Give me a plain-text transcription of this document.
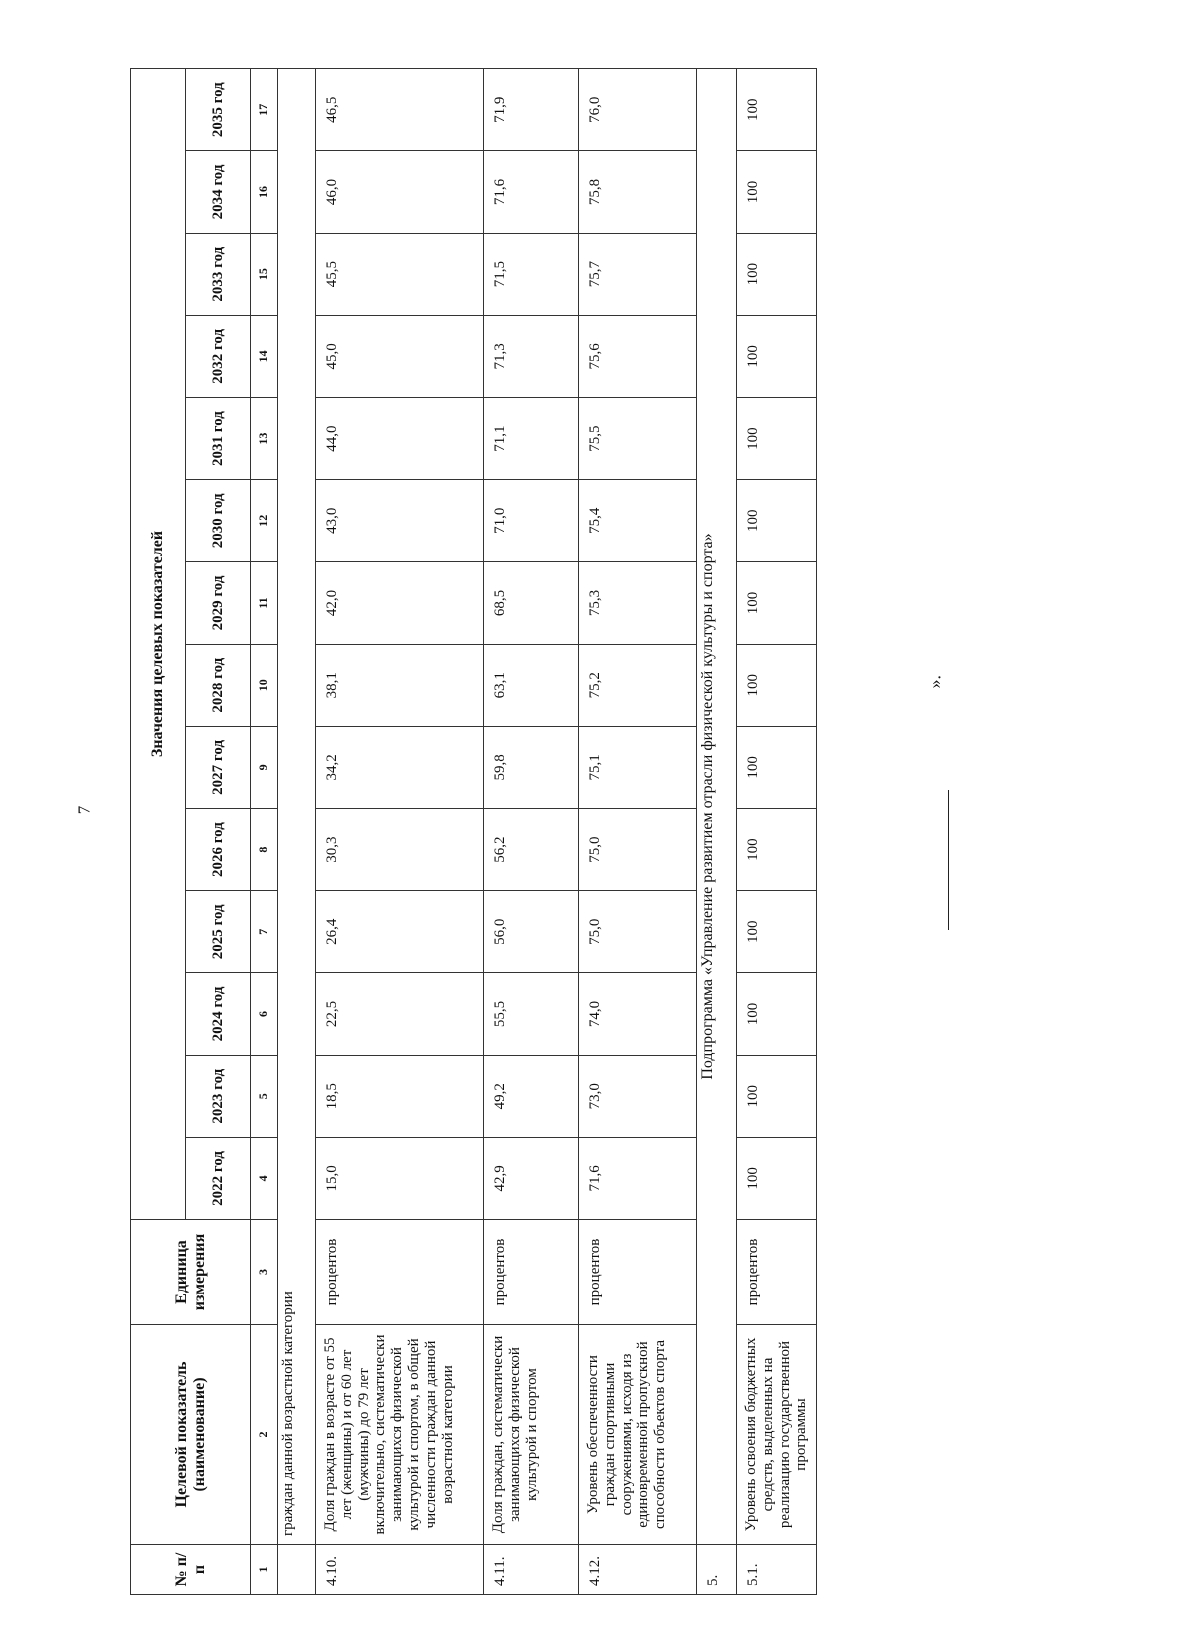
7
№ п/п	Целевой показатель (наименование)	Единица измерения	Значения целевых показателей													
			2022 год	2023 год	2024 год	2025 год	2026 год	2027 год	2028 год	2029 год	2030 год	2031 год	2032 год	2033 год	2034 год	2035 год
1	2	3	4	5	6	7	8	9	10	11	12	13	14	15	16	17
	граждан данной возрастной категории															
4.10.	Доля граждан в возрасте от 55 лет (женщины) и от 60 лет (мужчины) до 79 лет включительно, систематически занимающихся физической культурой и спортом, в общей численности граждан данной возрастной категории	процентов	15,0	18,5	22,5	26,4	30,3	34,2	38,1	42,0	43,0	44,0	45,0	45,5	46,0	46,5
4.11.	Доля граждан, систематически занимающихся физической культурой и спортом	процентов	42,9	49,2	55,5	56,0	56,2	59,8	63,1	68,5	71,0	71,1	71,3	71,5	71,6	71,9
4.12.	Уровень обеспеченности граждан спортивными сооружениями, исходя из единовременной пропускной способности объектов спорта	процентов	71,6	73,0	74,0	75,0	75,0	75,1	75,2	75,3	75,4	75,5	75,6	75,7	75,8	76,0
5.	Подпрограмма «Управление развитием отрасли физической культуры и спорта»															
5.1.	Уровень освоения бюджетных средств, выделенных на реализацию государственной программы	процентов	100	100	100	100	100	100	100	100	100	100	100	100	100	100
».
